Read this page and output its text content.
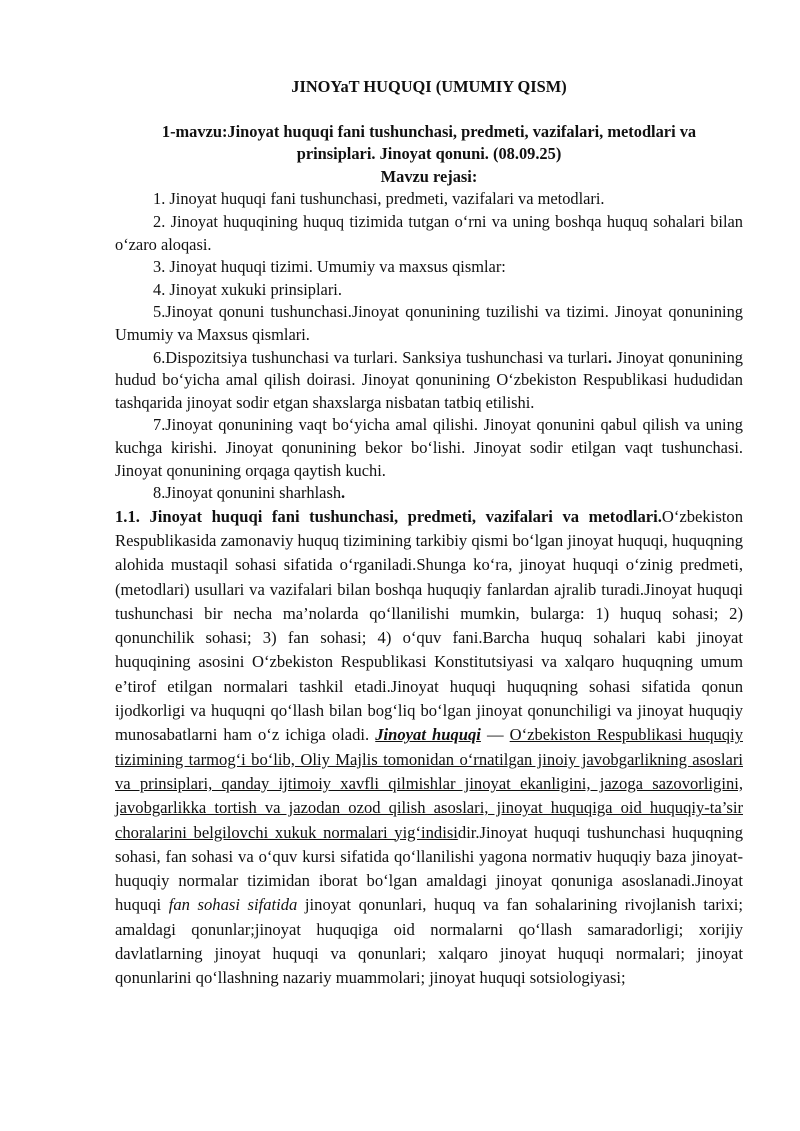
JINOYaT HUQUQI (UMUMIY QISM)

1-mavzu:Jinoyat huquqi fani tushunchasi, predmeti, vazifalari, metodlari va

prinsiplari. Jinoyat qonuni. (08.09.25)

Mavzu rejasi:

1. Jinoyat huquqi fani tushunchasi, predmeti, vazifalari va metodlari.

2. Jinoyat huquqining huquq tizimida tutgan o‘rni va uning boshqa huquq sohalari bilan o‘zaro aloqasi.

3. Jinoyat huquqi tizimi. Umumiy va maxsus qismlar:

4. Jinoyat xukuki prinsiplari.

5.Jinoyat qonuni tushunchasi.Jinoyat qonunining tuzilishi va tizimi. Jinoyat qonunining Umumiy va Maxsus qismlari.

6.Dispozitsiya tushunchasi va turlari. Sanksiya tushunchasi va turlari. Jinoyat qonunining hudud bo‘yicha amal qilish doirasi. Jinoyat qonunining O‘zbekiston Respublikasi hududidan tashqarida jinoyat sodir etgan shaxslarga nisbatan tatbiq etilishi.

7.Jinoyat qonunining vaqt bo‘yicha amal qilishi. Jinoyat qonunini qabul qilish va uning kuchga kirishi. Jinoyat qonunining bekor bo‘lishi. Jinoyat sodir etilgan vaqt tushunchasi. Jinoyat qonunining orqaga qaytish kuchi.

8.Jinoyat qonunini sharhlash.

1.1. Jinoyat huquqi fani tushunchasi, predmeti, vazifalari va metodlari.O‘zbekiston Respublikasida zamonaviy huquq tizimining tarkibiy qismi bo‘lgan jinoyat huquqi, huquqning alohida mustaqil sohasi sifatida o‘rganiladi.Shunga ko‘ra, jinoyat huquqi o‘zinig predmeti, (metodlari) usullari va vazifalari bilan boshqa huquqiy fanlardan ajralib turadi.Jinoyat huquqi tushunchasi bir necha ma’nolarda qo‘llanilishi mumkin, bularga: 1) huquq sohasi; 2) qonunchilik sohasi; 3) fan sohasi; 4) o‘quv fani.Barcha huquq sohalari kabi jinoyat huquqining asosini O‘zbekiston Respublikasi Konstitutsiyasi va xalqaro huquqning umum e’tirof etilgan normalari tashkil etadi.Jinoyat huquqi huquqning sohasi sifatida qonun ijodkorligi va huquqni qo‘llash bilan bog‘liq bo‘lgan jinoyat qonunchiligi va jinoyat huquqiy munosabatlarni ham o‘z ichiga oladi. Jinoyat huquqi — O‘zbekiston Respublikasi huquqiy tizimining tarmog‘i bo‘lib, Oliy Majlis tomonidan o‘rnatilgan jinoiy javobgarlikning asoslari va prinsiplari, qanday ijtimoiy xavfli qilmishlar jinoyat ekanligini, jazoga sazovorligini, javobgarlikka tortish va jazodan ozod qilish asoslari, jinoyat huquqiga oid huquqiy-ta’sir choralarini belgilovchi xukuk normalari yig‘indisidir.Jinoyat huquqi tushunchasi huquqning sohasi, fan sohasi va o‘quv kursi sifatida qo‘llanilishi yagona normativ huquqiy baza jinoyat-huquqiy normalar tizimidan iborat bo‘lgan amaldagi jinoyat qonuniga asoslanadi.Jinoyat huquqi fan sohasi sifatida jinoyat qonunlari, huquq va fan sohalarining rivojlanish tarixi; amaldagi qonunlar;jinoyat huquqiga oid normalarni qo‘llash samaradorligi; xorijiy davlatlarning jinoyat huquqi va qonunlari; xalqaro jinoyat huquqi normalari; jinoyat qonunlarini qo‘llashning nazariy muammolari; jinoyat huquqi sotsiologiyasi;
